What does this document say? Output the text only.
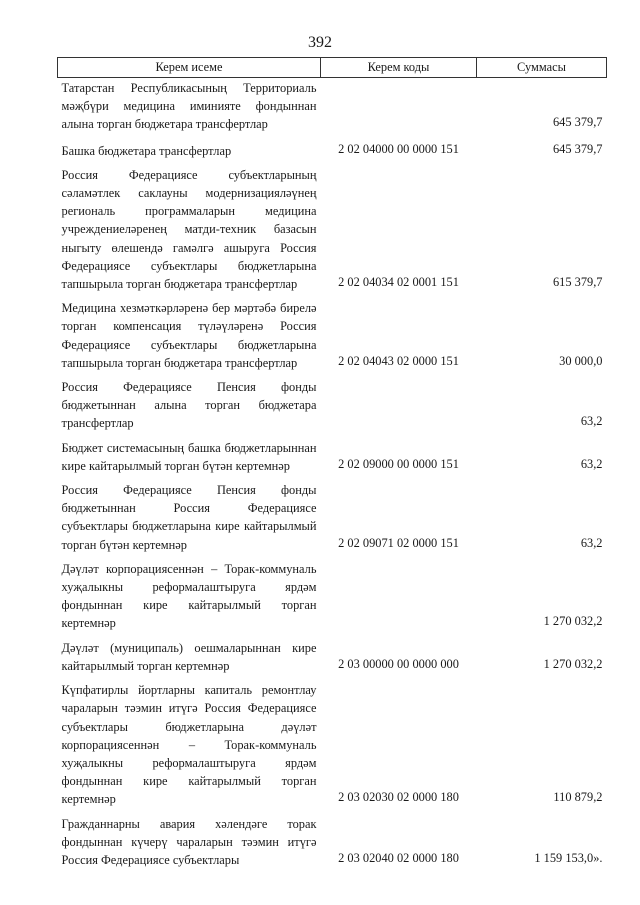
392
Керем исеме	Керем коды	Суммасы
Татарстан Республикасының Территориаль мәҗбүри медицина иминияте фондыннан алына торган бюджетара трансфертлар		645 379,7
Башка бюджетара трансфертлар	2 02 04000 00 0000 151	645 379,7
Россия Федерациясе субъектларының сәламәтлек саклауны модернизацияләүнең региональ программаларын медицина учреждениеләренең матди-техник базасын ныгыту өлешендә гамәлгә ашыруга Россия Федерациясе субъектлары бюджетларына тапшырыла торган бюджетара трансфертлар	2 02 04034 02 0001 151	615 379,7
Медицина хезмәткәрләренә бер мәртәбә бирелә торган компенсация түләүләренә Россия Федерациясе субъектлары бюджетларына тапшырыла торган бюджетара трансфертлар	2 02 04043 02 0000 151	30 000,0
Россия Федерациясе Пенсия фонды бюджетыннан алына торган бюджетара трансфертлар		63,2
Бюджет системасының башка бюджетларыннан кире кайтарылмый торган бүтән кертемнәр	2 02 09000 00 0000 151	63,2
Россия Федерациясе Пенсия фонды бюджетыннан Россия Федерациясе субъектлары бюджетларына кире кайтарылмый торган бүтән кертемнәр	2 02 09071 02 0000 151	63,2
Дәүләт корпорациясеннән – Торак-коммуналь хуҗалыкны реформалаштыруга ярдәм фондыннан кире кайтарылмый торган кертемнәр		1 270 032,2
Дәүләт (муниципаль) оешмаларыннан кире кайтарылмый торган кертемнәр	2 03 00000 00 0000 000	1 270 032,2
Күпфатирлы йортларны капиталь ремонтлау чараларын тәэмин итүгә Россия Федерациясе субъектлары бюджетларына дәүләт корпорациясеннән – Торак-коммуналь хуҗалыкны реформалаштыруга ярдәм фондыннан кире кайтарылмый торган кертемнәр	2 03 02030 02 0000 180	110 879,2
Гражданнарны авария хәлендәге торак фондыннан күчерү чараларын тәэмин итүгә Россия Федерациясе субъектлары	2 03 02040 02 0000 180	1 159 153,0».
